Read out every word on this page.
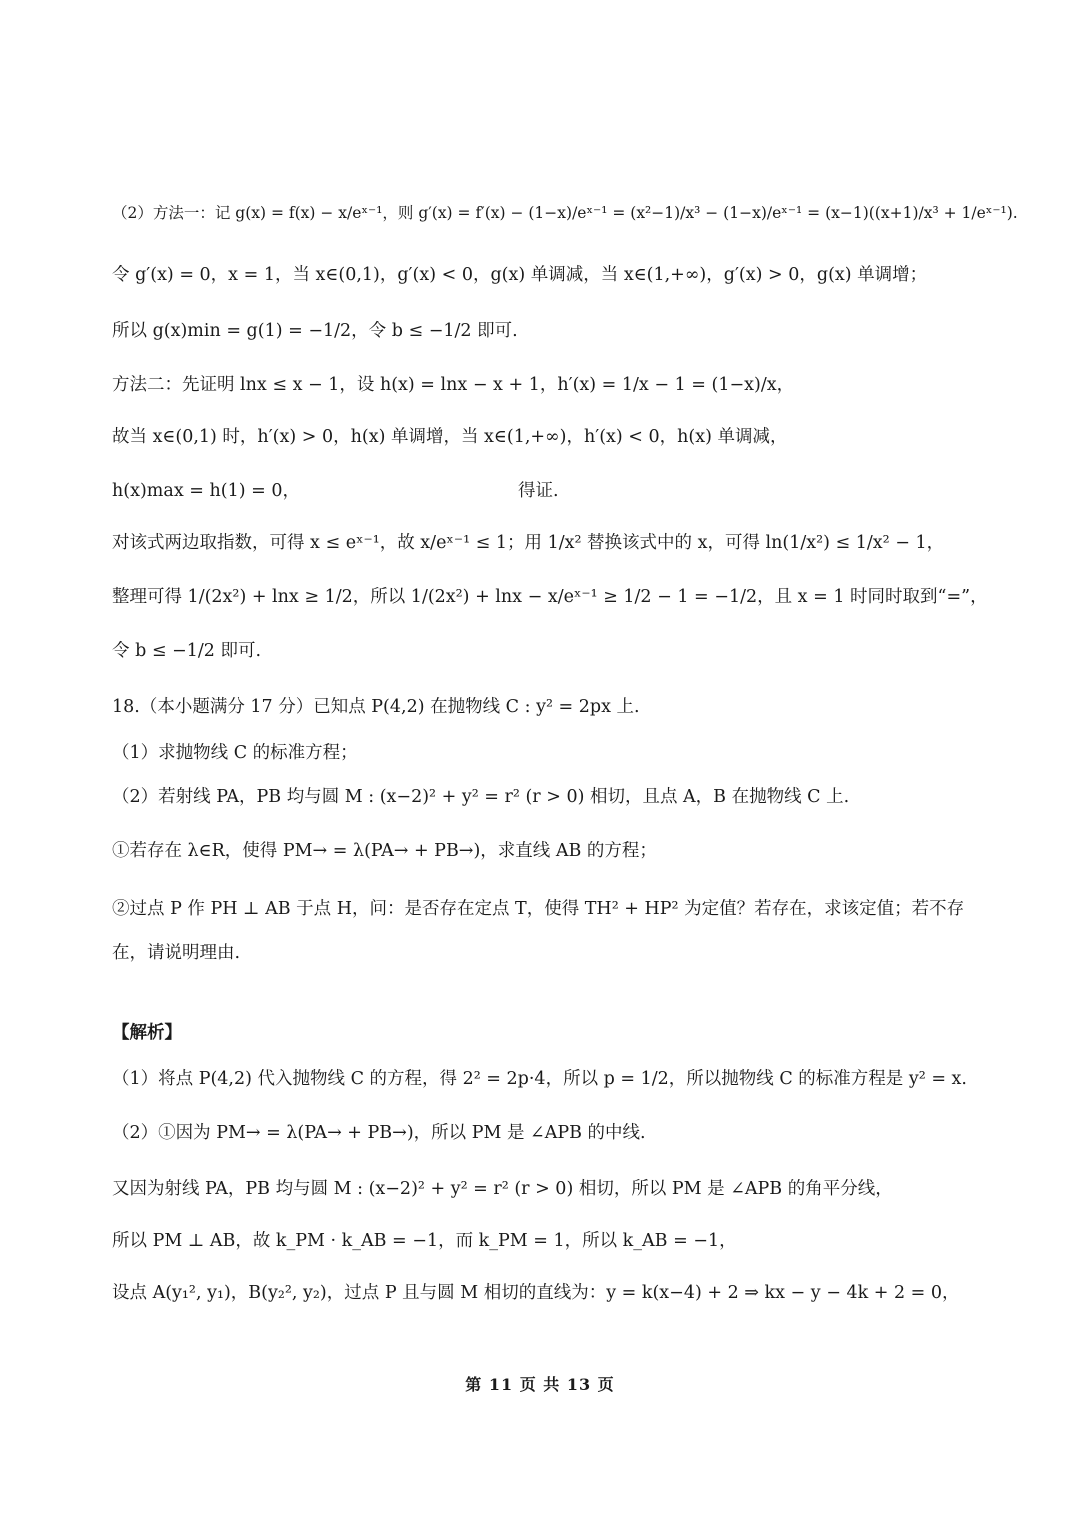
（2）方法一：记 g(x) = f(x) − x/eˣ⁻¹，则 g′(x) = f′(x) − (1−x)/eˣ⁻¹ = (x²−1)/x³ − (1−x)/eˣ⁻¹ = (x−1)((x+1)/x³ + 1/eˣ⁻¹).
令 g′(x) = 0，x = 1，当 x∈(0,1)，g′(x) < 0，g(x) 单调减，当 x∈(1,+∞)，g′(x) > 0，g(x) 单调增；
所以 g(x)min = g(1) = −1/2，令 b ≤ −1/2 即可.
方法二：先证明 lnx ≤ x − 1，设 h(x) = lnx − x + 1，h′(x) = 1/x − 1 = (1−x)/x，
故当 x∈(0,1) 时，h′(x) > 0，h(x) 单调增，当 x∈(1,+∞)，h′(x) < 0，h(x) 单调减，
h(x)max = h(1) = 0，	得证.
对该式两边取指数，可得 x ≤ eˣ⁻¹，故 x/eˣ⁻¹ ≤ 1；用 1/x² 替换该式中的 x，可得 ln(1/x²) ≤ 1/x² − 1，
整理可得 1/(2x²) + lnx ≥ 1/2，所以 1/(2x²) + lnx − x/eˣ⁻¹ ≥ 1/2 − 1 = −1/2，且 x = 1 时同时取到“=”，
令 b ≤ −1/2 即可.
18.（本小题满分 17 分）已知点 P(4,2) 在抛物线 C : y² = 2px 上.
（1）求抛物线 C 的标准方程；
（2）若射线 PA，PB 均与圆 M : (x−2)² + y² = r² (r > 0) 相切，且点 A，B 在抛物线 C 上.
①若存在 λ∈R，使得 PM→ = λ(PA→ + PB→)，求直线 AB 的方程；
②过点 P 作 PH ⊥ AB 于点 H，问：是否存在定点 T，使得 TH² + HP² 为定值？若存在，求该定值；若不存
在，请说明理由.
【解析】
（1）将点 P(4,2) 代入抛物线 C 的方程，得 2² = 2p·4，所以 p = 1/2，所以抛物线 C 的标准方程是 y² = x.
（2）①因为 PM→ = λ(PA→ + PB→)，所以 PM 是 ∠APB 的中线.
又因为射线 PA，PB 均与圆 M : (x−2)² + y² = r² (r > 0) 相切，所以 PM 是 ∠APB 的角平分线，
所以 PM ⊥ AB，故 k_PM · k_AB = −1，而 k_PM = 1，所以 k_AB = −1，
设点 A(y₁², y₁)，B(y₂², y₂)，过点 P 且与圆 M 相切的直线为：y = k(x−4) + 2 ⇒ kx − y − 4k + 2 = 0，
第 11 页 共 13 页
